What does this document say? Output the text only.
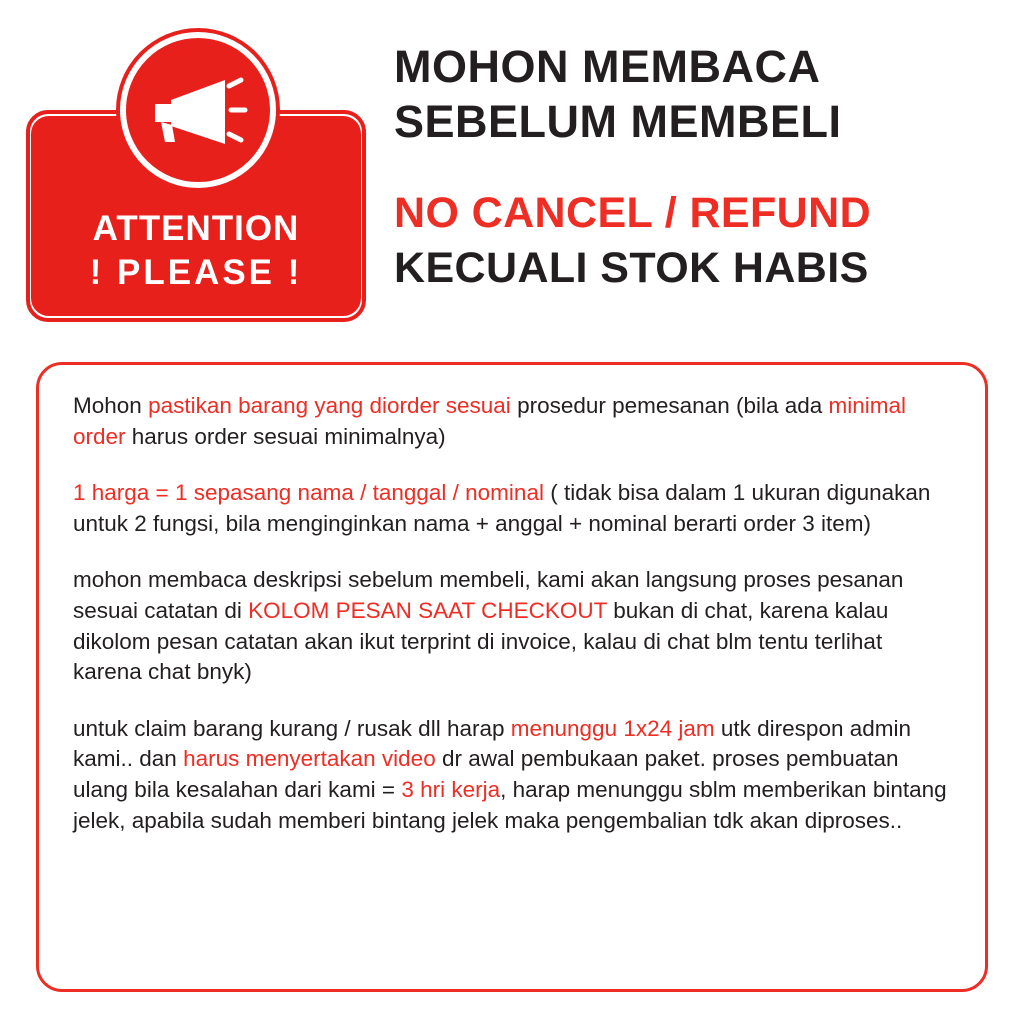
ATTENTION
! PLEASE !
MOHON MEMBACA
SEBELUM MEMBELI
NO CANCEL / REFUND
KECUALI STOK HABIS

Mohon pastikan barang yang diorder sesuai prosedur pemesanan (bila ada minimal order harus order sesuai minimalnya)

1 harga = 1 sepasang nama / tanggal / nominal ( tidak bisa dalam 1 ukuran digunakan untuk 2 fungsi, bila menginginkan nama + anggal + nominal berarti order 3 item)

mohon membaca deskripsi sebelum membeli, kami akan langsung proses pesanan sesuai catatan di KOLOM PESAN SAAT CHECKOUT bukan di chat, karena kalau dikolom pesan catatan akan ikut terprint di invoice, kalau di chat blm tentu terlihat karena chat bnyk)

untuk claim barang kurang / rusak dll harap menunggu 1x24 jam utk direspon admin kami.. dan harus menyertakan video dr awal pembukaan paket. proses pembuatan ulang bila kesalahan dari kami = 3 hri kerja, harap menunggu sblm memberikan bintang jelek, apabila sudah memberi bintang jelek maka pengembalian tdk akan diproses..
